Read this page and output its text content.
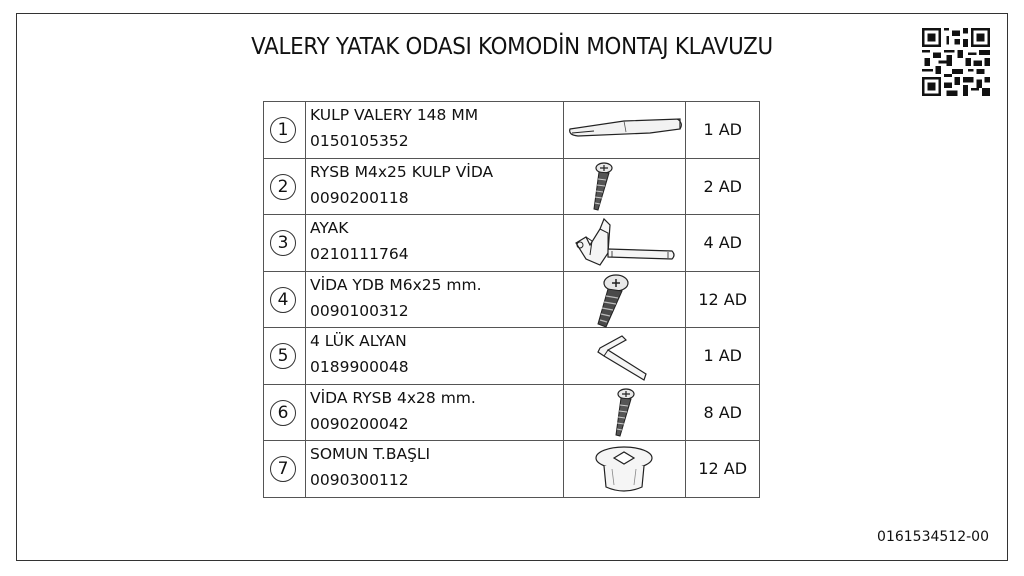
VALERY YATAK ODASI KOMODİN MONTAJ KLAVUZU
1
KULP VALERY 148 MM
0150105352		1 AD

2
RYSB M4x25 KULP VİDA
0090200118		2 AD

3
AYAK
0210111764		4 AD

4
VİDA YDB M6x25 mm.
0090100312		12 AD

5
4 LÜK ALYAN
0189900048		1 AD

6
VİDA RYSB 4x28 mm.
0090200042		8 AD

7
SOMUN T.BAŞLI
0090300112		12 AD
0161534512-00
